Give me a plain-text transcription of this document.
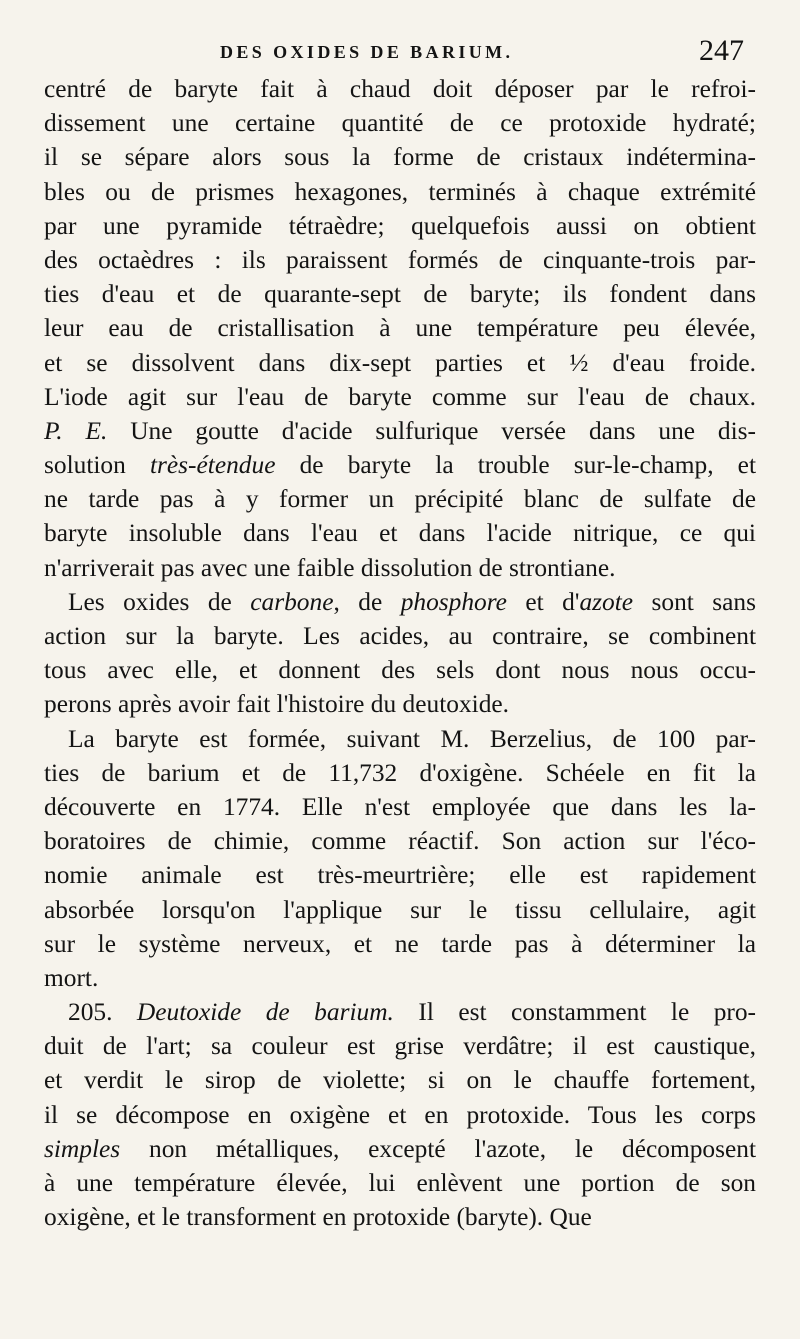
DES OXIDES DE BARIUM.	247
centré de baryte fait à chaud doit déposer par le refroi-
dissement une certaine quantité de ce protoxide hydraté;
il se sépare alors sous la forme de cristaux indétermina-
bles ou de prismes hexagones, terminés à chaque extrémité
par une pyramide tétraèdre; quelquefois aussi on obtient
des octaèdres : ils paraissent formés de cinquante-trois par-
ties d'eau et de quarante-sept de baryte; ils fondent dans
leur eau de cristallisation à une température peu élevée,
et se dissolvent dans dix-sept parties et ½ d'eau froide.
L'iode agit sur l'eau de baryte comme sur l'eau de chaux.
P. E. Une goutte d'acide sulfurique versée dans une dis-
solution très-étendue de baryte la trouble sur-le-champ, et
ne tarde pas à y former un précipité blanc de sulfate de
baryte insoluble dans l'eau et dans l'acide nitrique, ce qui
n'arriverait pas avec une faible dissolution de strontiane.
Les oxides de carbone, de phosphore et d'azote sont sans
action sur la baryte. Les acides, au contraire, se combinent
tous avec elle, et donnent des sels dont nous nous occu-
perons après avoir fait l'histoire du deutoxide.
La baryte est formée, suivant M. Berzelius, de 100 par-
ties de barium et de 11,732 d'oxigène. Schéele en fit la
découverte en 1774. Elle n'est employée que dans les la-
boratoires de chimie, comme réactif. Son action sur l'éco-
nomie animale est très-meurtrière; elle est rapidement
absorbée lorsqu'on l'applique sur le tissu cellulaire, agit
sur le système nerveux, et ne tarde pas à déterminer la
mort.
205. Deutoxide de barium. Il est constamment le pro-
duit de l'art; sa couleur est grise verdâtre; il est caustique,
et verdit le sirop de violette; si on le chauffe fortement,
il se décompose en oxigène et en protoxide. Tous les corps
simples non métalliques, excepté l'azote, le décomposent
à une température élevée, lui enlèvent une portion de son
oxigène, et le transforment en protoxide (baryte). Que
